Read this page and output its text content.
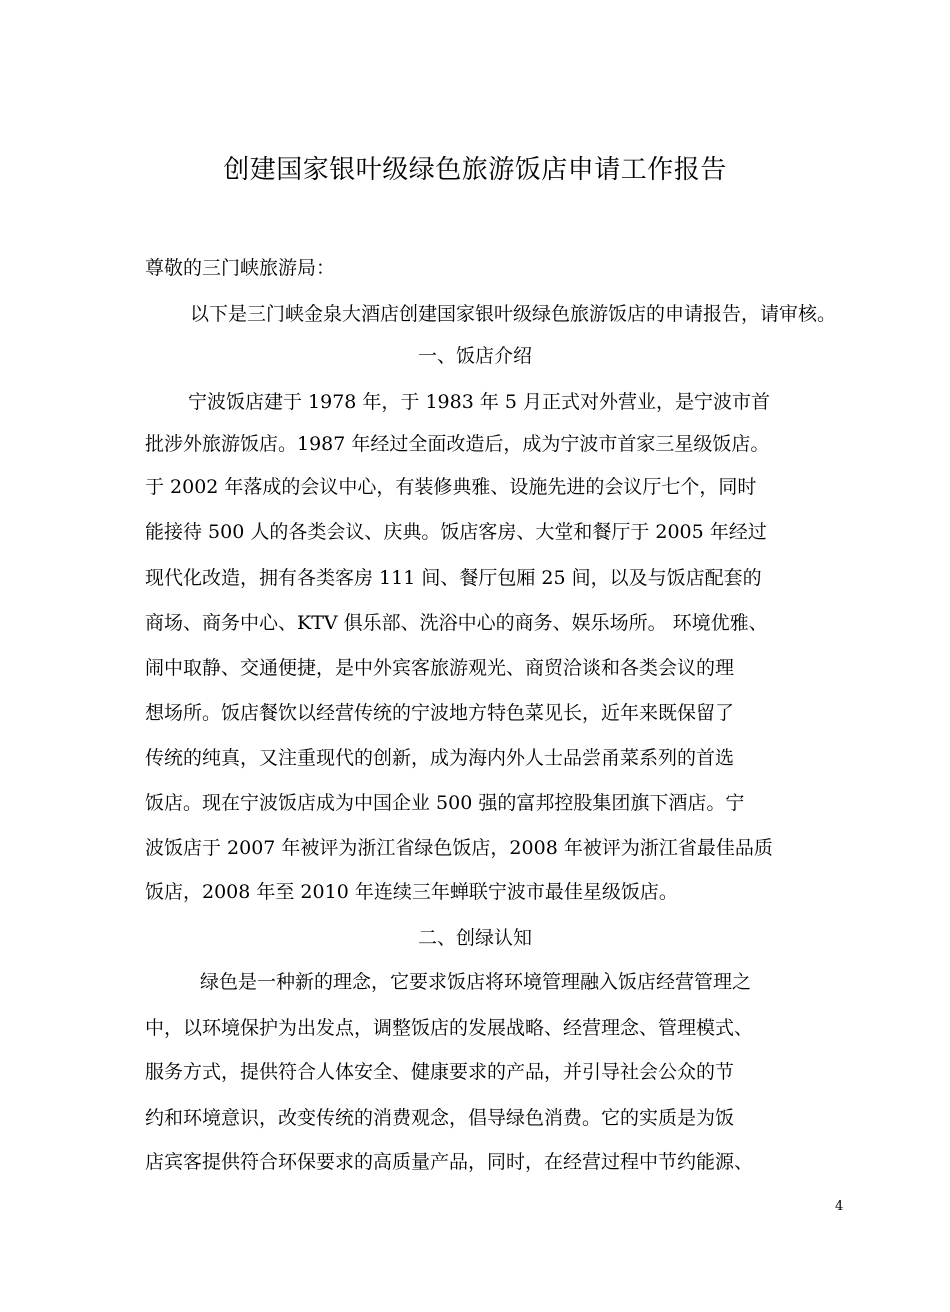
创建国家银叶级绿色旅游饭店申请工作报告
尊敬的三门峡旅游局：
以下是三门峡金泉大酒店创建国家银叶级绿色旅游饭店的申请报告，请审核。
一、饭店介绍
宁波饭店建于 1978 年，于 1983 年 5 月正式对外营业，是宁波市首
批涉外旅游饭店。1987 年经过全面改造后，成为宁波市首家三星级饭店。
于 2002 年落成的会议中心，有装修典雅、设施先进的会议厅七个，同时
能接待 500 人的各类会议、庆典。饭店客房、大堂和餐厅于 2005 年经过
现代化改造，拥有各类客房 111 间、餐厅包厢 25 间，以及与饭店配套的
商场、商务中心、KTV 俱乐部、洗浴中心的商务、娱乐场所。 环境优雅、
闹中取静、交通便捷，是中外宾客旅游观光、商贸洽谈和各类会议的理
想场所。饭店餐饮以经营传统的宁波地方特色菜见长，近年来既保留了
传统的纯真，又注重现代的创新，成为海内外人士品尝甬菜系列的首选
饭店。现在宁波饭店成为中国企业 500 强的富邦控股集团旗下酒店。宁
波饭店于 2007 年被评为浙江省绿色饭店，2008 年被评为浙江省最佳品质
饭店，2008 年至 2010 年连续三年蝉联宁波市最佳星级饭店。
二、创绿认知
绿色是一种新的理念，它要求饭店将环境管理融入饭店经营管理之
中，以环境保护为出发点，调整饭店的发展战略、经营理念、管理模式、
服务方式，提供符合人体安全、健康要求的产品，并引导社会公众的节
约和环境意识，改变传统的消费观念，倡导绿色消费。它的实质是为饭
店宾客提供符合环保要求的高质量产品，同时，在经营过程中节约能源、
4
